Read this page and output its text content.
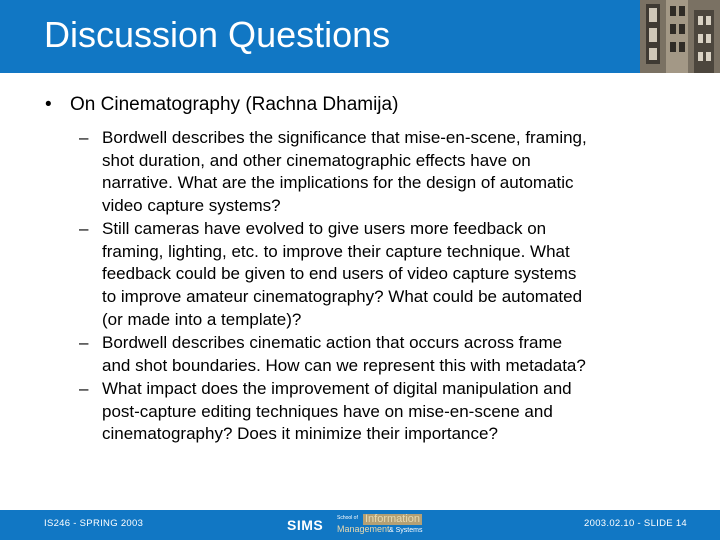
Discussion Questions
• On Cinematography (Rachna Dhamija)
– Bordwell describes the significance that mise-en-scene, framing,
shot duration, and other cinematographic effects have on
narrative. What are the implications for the design of automatic
video capture systems?
– Still cameras have evolved to give users more feedback on
framing, lighting, etc. to improve their capture technique. What
feedback could be given to end users of video capture systems
to improve amateur cinematography? What could be automated
(or made into a template)?
– Bordwell describes cinematic action that occurs across frame
and shot boundaries. How can we represent this with metadata?
– What impact does the improvement of digital manipulation and
post-capture editing techniques have on mise-en-scene and
cinematography? Does it minimize their importance?
IS246 - SPRING 2003	SIMS	School of Information
Management & Systems
2003.02.10 - SLIDE 14
